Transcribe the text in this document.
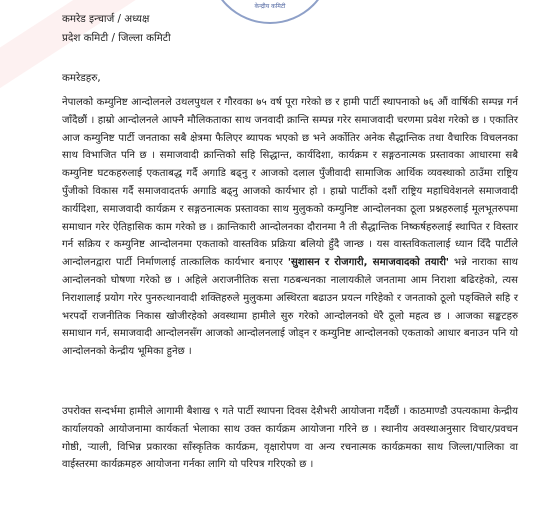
केन्द्रीय कमिटी

कमरेड इन्चार्ज / अध्यक्ष

प्रदेश कमिटी / जिल्ला कमिटी

कमरेडहरु,

नेपालको कम्युनिष्ट आन्दोलनले उथलपुथल र गौरवका ७५ वर्ष पूरा गरेको छ र हामी पार्टी स्थापनाको ७६ औं वार्षिकी सम्पन्न गर्न जाँदैछौं । हाम्रो आन्दोलनले आफ्नै मौलिकताका साथ जनवादी क्रान्ति सम्पन्न गरेर समाजवादी चरणमा प्रवेश गरेको छ । एकातिर आज कम्युनिष्ट पार्टी जनताका सबै क्षेत्रमा फैलिएर ब्यापक भएको छ भने अर्कोतिर अनेक सैद्धान्तिक तथा वैचारिक विचलनका साथ विभाजित पनि छ । समाजवादी क्रान्तिको सहि सिद्धान्त, कार्यदिशा, कार्यक्रम र सङ्गठनात्मक प्रस्तावका आधारमा सबै कम्युनिष्ट घटकहरुलाई एकताबद्ध गर्दै अगाडि बढ्नु र आजको दलाल पुँजीवादी सामाजिक आर्थिक व्यवस्थाको ठाउँमा राष्ट्रिय पुँजीको विकास गर्दै समाजवादतर्फ अगाडि बढ्नु आजको कार्यभार हो । हाम्रो पार्टीको दशौं राष्ट्रिय महाधिवेशनले समाजवादी कार्यदिशा, समाजवादी कार्यक्रम र सङ्गठनात्मक प्रस्तावका साथ मुलुकको कम्युनिष्ट आन्दोलनका ठूला प्रश्नहरुलाई मूलभूतरुपमा समाधान गरेर ऐतिहासिक काम गरेको छ । क्रान्तिकारी आन्दोलनका दौरानमा नै ती सैद्धान्तिक निष्कर्षहरुलाई स्थापित र विस्तार गर्न सक्रिय र कम्युनिष्ट आन्दोलनमा एकताको वास्तविक प्रक्रिया बलियो हुँदै जान्छ । यस वास्तविकतालाई ध्यान दिँदै पार्टीले आन्दोलनद्वारा पार्टी निर्माणलाई तात्कालिक कार्यभार बनाएर 'सुशासन र रोजगारी, समाजवादको तयारी' भन्ने नाराका साथ आन्दोलनको घोषणा गरेको छ । अहिले अराजनीतिक सत्ता गठबन्धनका नालायकीले जनतामा आम निराशा बढिरहेको, त्यस निराशालाई प्रयोग गरेर पुनरुत्थानवादी शक्तिहरुले मुलुकमा अस्थिरता बढाउन प्रयत्न गरिहेको र जनताको ठूलो पङ्क्तिले सहि र भरपर्दो राजनीतिक निकास खोजीरहेको अवस्थामा हामीले सुरु गरेको आन्दोलनको धेरै ठूलो महत्व छ । आजका सङ्कटहरु समाधान गर्न, समाजवादी आन्दोलनसँग आजको आन्दोलनलाई जोड्न र कम्युनिष्ट आन्दोलनको एकताको आधार बनाउन पनि यो आन्दोलनको केन्द्रीय भूमिका हुनेछ ।

उपरोक्त सन्दर्भमा हामीले आगामी बैशाख ९ गते पार्टी स्थापना दिवस देशैभरी आयोजना गर्दैछौं । काठमाण्डौ उपत्यकामा केन्द्रीय कार्यालयको आयोजनामा कार्यकर्ता भेलाका साथ उक्त कार्यक्रम आयोजना गरिने छ । स्थानीय अवस्थाअनुसार विचार/प्रवचन गोष्ठी, र्‍याली, विभिन्न प्रकारका साँस्कृतिक कार्यक्रम, वृक्षारोपण वा अन्य रचनात्मक कार्यक्रमका साथ जिल्ला/पालिका वा वाईस्तरमा कार्यक्रमहरु आयोजना गर्नका लागि यो परिपत्र गरिएको छ ।
